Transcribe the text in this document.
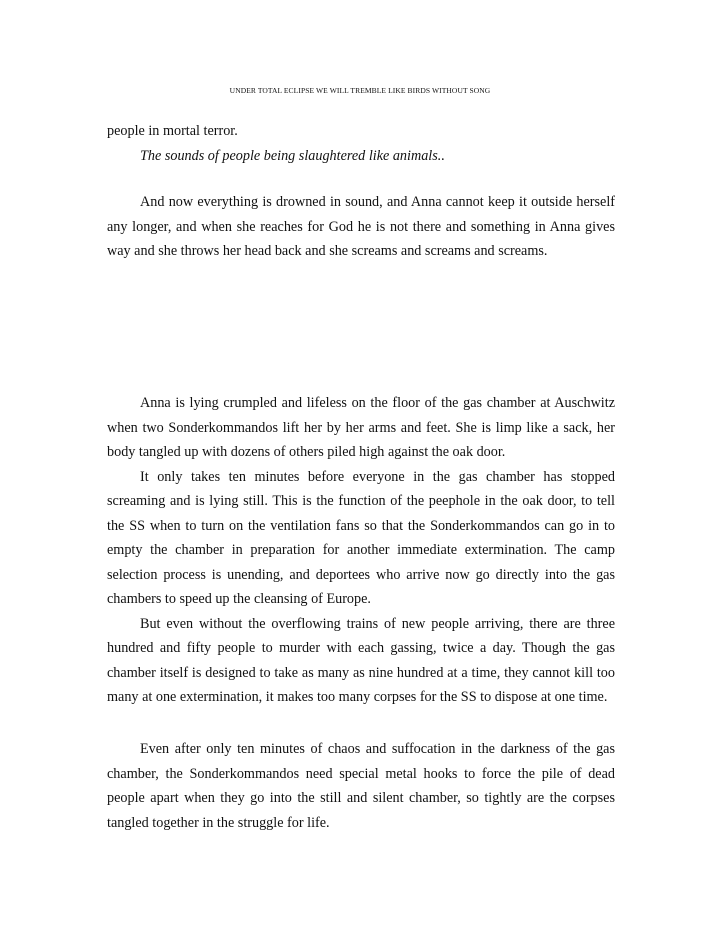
UNDER TOTAL ECLIPSE WE WILL TREMBLE LIKE BIRDS WITHOUT SONG

people in mortal terror.

The sounds of people being slaughtered like animals..

And now everything is drowned in sound, and Anna cannot keep it outside herself any longer, and when she reaches for God he is not there and something in Anna gives way and she throws her head back and she screams and screams and screams.

Anna is lying crumpled and lifeless on the floor of the gas chamber at Auschwitz when two Sonderkommandos lift her by her arms and feet. She is limp like a sack, her body tangled up with dozens of others piled high against the oak door.

It only takes ten minutes before everyone in the gas chamber has stopped screaming and is lying still. This is the function of the peephole in the oak door, to tell the SS when to turn on the ventilation fans so that the Sonderkommandos can go in to empty the chamber in preparation for another immediate extermination. The camp selection process is unending, and deportees who arrive now go directly into the gas chambers to speed up the cleansing of Europe.

But even without the overflowing trains of new people arriving, there are three hundred and fifty people to murder with each gassing, twice a day. Though the gas chamber itself is designed to take as many as nine hundred at a time, they cannot kill too many at one extermination, it makes too many corpses for the SS to dispose at one time.

Even after only ten minutes of chaos and suffocation in the darkness of the gas chamber, the Sonderkommandos need special metal hooks to force the pile of dead people apart when they go into the still and silent chamber, so tightly are the corpses tangled together in the struggle for life.
